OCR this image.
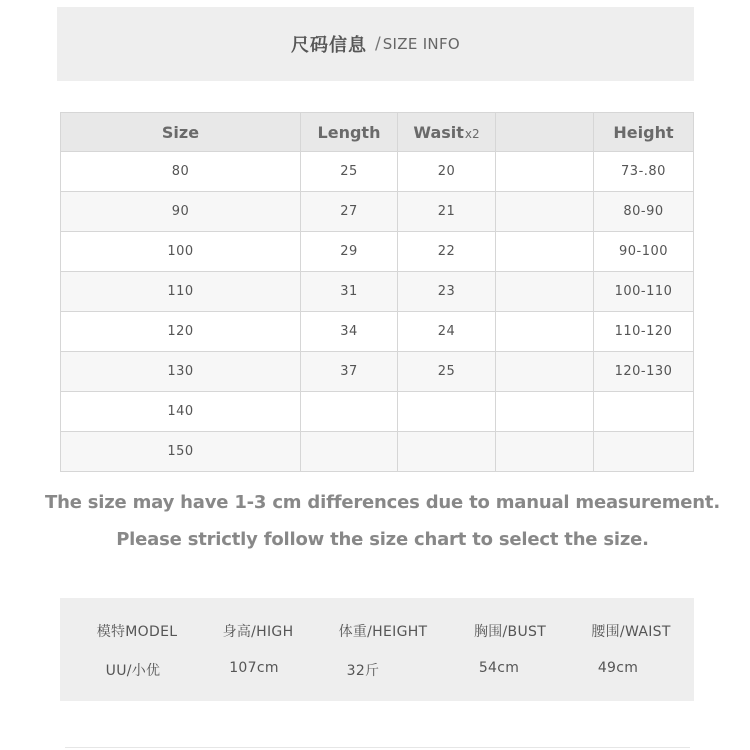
尺码信息 / SIZE INFO
Size	Length	Wasitx2		Height
80	25	20		73-.80
90	27	21		80-90
100	29	22		90-100
110	31	23		100-110
120	34	24		110-120
130	37	25		120-130
140				
150				
The size may have 1-3 cm differences due to manual measurement.
Please strictly follow the size chart to select the size.
模特MODEL	身高/HIGH	体重/HEIGHT	胸围/BUST	腰围/WAIST
UU/小优	107cm	32斤	54cm	49cm
